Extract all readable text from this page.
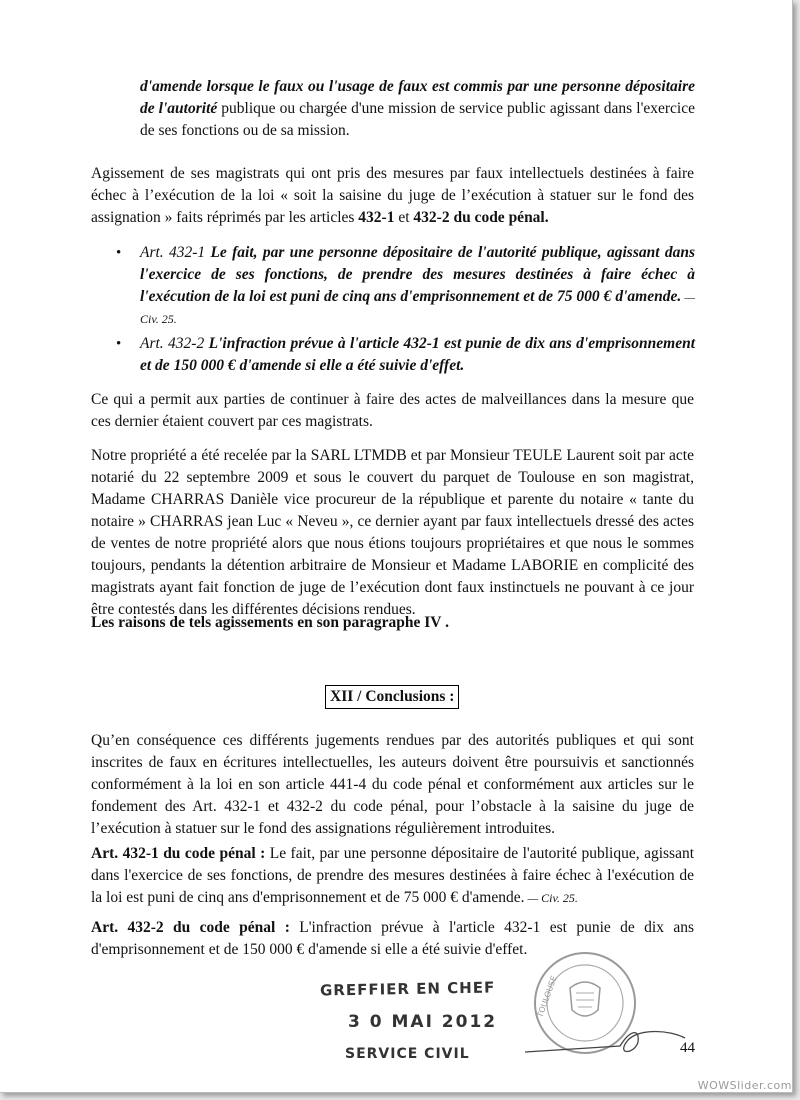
d'amende lorsque le faux ou l'usage de faux est commis par une personne dépositaire de l'autorité publique ou chargée d'une mission de service public agissant dans l'exercice de ses fonctions ou de sa mission.
Agissement de ses magistrats qui ont pris des mesures par faux intellectuels destinées à faire échec à l’exécution de la loi « soit la saisine du juge de l’exécution à statuer sur le fond des assignation » faits réprimés par les articles 432-1 et 432-2 du code pénal.
• Art. 432-1 Le fait, par une personne dépositaire de l'autorité publique, agissant dans l'exercice de ses fonctions, de prendre des mesures destinées à faire échec à l'exécution de la loi est puni de cinq ans d'emprisonnement et de 75 000 € d'amende. — Civ. 25.
• Art. 432-2 L'infraction prévue à l'article 432-1 est punie de dix ans d'emprisonnement et de 150 000 € d'amende si elle a été suivie d'effet.
Ce qui a permit aux parties de continuer à faire des actes de malveillances dans la mesure que ces dernier étaient couvert par ces magistrats.
Notre propriété a été recelée par la SARL LTMDB et par Monsieur TEULE Laurent soit par acte notarié du 22 septembre 2009 et sous le couvert du parquet de Toulouse en son magistrat, Madame CHARRAS Danièle vice procureur de la république et parente du notaire « tante du notaire » CHARRAS jean Luc « Neveu », ce dernier ayant par faux intellectuels dressé des actes de ventes de notre propriété alors que nous étions toujours propriétaires et que nous le sommes toujours, pendants la détention arbitraire de Monsieur et Madame LABORIE en complicité des magistrats ayant fait fonction de juge de l’exécution dont faux instinctuels ne pouvant à ce jour être contestés dans les différentes décisions rendues.
Les raisons de tels agissements en son paragraphe IV .
XII / Conclusions :
Qu’en conséquence ces différents jugements rendues par des autorités publiques et qui sont inscrites de faux en écritures intellectuelles, les auteurs doivent être poursuivis et sanctionnés conformément à la loi en son article 441-4 du code pénal et conformément aux articles sur le fondement des Art. 432-1 et 432-2 du code pénal, pour l’obstacle à la saisine du juge de l’exécution à statuer sur le fond des assignations régulièrement introduites.
Art. 432-1 du code pénal : Le fait, par une personne dépositaire de l'autorité publique, agissant dans l'exercice de ses fonctions, de prendre des mesures destinées à faire échec à l'exécution de la loi est puni de cinq ans d'emprisonnement et de 75 000 € d'amende. — Civ. 25.
Art. 432-2 du code pénal : L'infraction prévue à l'article 432-1 est punie de dix ans d'emprisonnement et de 150 000 € d'amende si elle a été suivie d'effet.
GREFFIER EN CHEF
3 0 MAI 2012
SERVICE CIVIL
TOULOUSE
44
WOWSlider.com
